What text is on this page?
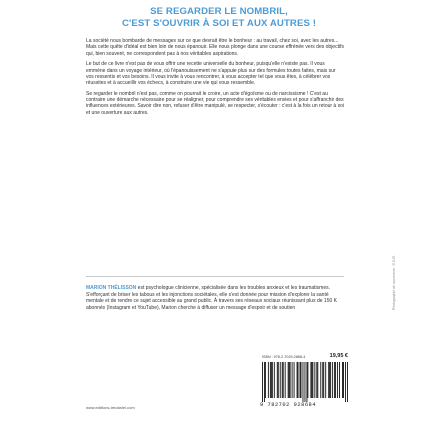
SE REGARDER LE NOMBRIL,
C'EST S'OUVRIR À SOI ET AUX AUTRES !

La société nous bombarde de messages sur ce que devrait être le bonheur : au travail, chez soi, avec les autres... Mais cette quête d'idéal est bien loin de nous épanouir. Elle nous plonge dans une course effrénée vers des objectifs qui, bien souvent, ne correspondent pas à nos véritables aspirations.

Le but de ce livre n'est pas de vous offrir une recette universelle du bonheur, puisqu'elle n'existe pas. Il vous emmène dans un voyage intérieur, où l'épanouissement ne s'appuie plus sur des formules toutes faites, mais sur vos ressentis et vos besoins. Il vous invite à vous rencontrer, à vous accepter tel que vous êtes, à célébrer vos réussites et à accueillir vos échecs, à construire une vie qui vous ressemble.

Se regarder le nombril n'est pas, comme on pourrait le croire, un acte d'égoïsme ou de narcissisme ! C'est au contraire une démarche nécessaire pour se réaligner, pour comprendre ses véritables envies et pour s'affranchir des influences extérieures. Savoir dire non, refuser d'être manipulé, se respecter, s'écouter : c'est à la fois un retour à soi et une ouverture aux autres.

MARION THÉLISSON est psychologue clinicienne, spécialisée dans les troubles anxieux et les traumatismes. S'efforçant de briser les tabous et les injonctions sociétales, elle s'est donnée pour mission d'explorer la santé mentale et de rendre ce sujet accessible au grand public. À travers ses réseaux sociaux réunissant plus de 150 K abonnés (Instagram et YouTube), Marion cherche à diffuser un message d'espoir et de soutien
ISBN : 978-2-7029-2868-4	19,95 €
9 782702 928684
www.editions-tredaniel.com
Photographie de couverture : © D.R.
